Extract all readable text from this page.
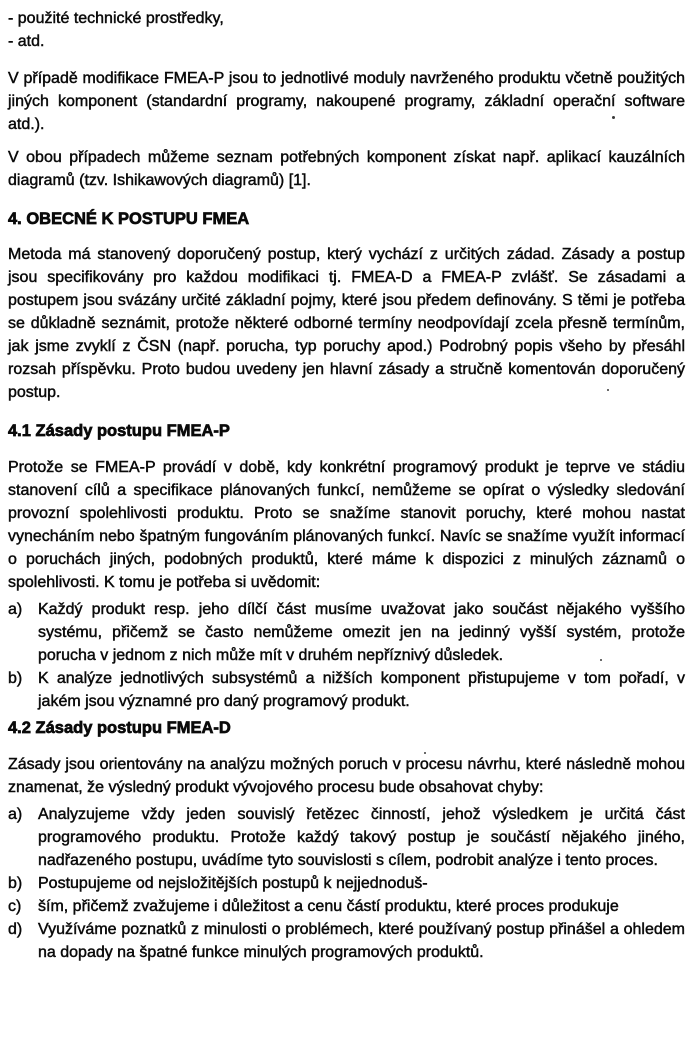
- použité technické prostředky,
- atd.

V případě modifikace FMEA-P jsou to jednotlivé moduly navrženého produktu včetně použitých jiných komponent (standardní programy, nakoupené programy, základní operační software atd.).

V obou případech můžeme seznam potřebných komponent získat např. aplikací kauzálních diagramů (tzv. Ishikawových diagramů) [1].

4. OBECNÉ K POSTUPU FMEA

Metoda má stanovený doporučený postup, který vychází z určitých zádad. Zásady a postup jsou specifikovány pro každou modifikaci tj. FMEA-D a FMEA-P zvlášť. Se zásadami a postupem jsou svázány určité základní pojmy, které jsou předem definovány. S těmi je potřeba se důkladně seznámit, protože některé odborné termíny neodpovídají zcela přesně termínům, jak jsme zvyklí z ČSN (např. porucha, typ poruchy apod.) Podrobný popis všeho by přesáhl rozsah příspěvku. Proto budou uvedeny jen hlavní zásady a stručně komentován doporučený postup.

4.1 Zásady postupu FMEA-P

Protože se FMEA-P provádí v době, kdy konkrétní programový produkt je teprve ve stádiu stanovení cílů a specifikace plánovaných funkcí, nemůžeme se opírat o výsledky sledování provozní spolehlivosti produktu. Proto se snažíme stanovit poruchy, které mohou nastat vynecháním nebo špatným fungováním plánovaných funkcí. Navíc se snažíme využít informací o poruchách jiných, podobných produktů, které máme k dispozici z minulých záznamů o spolehlivosti. K tomu je potřeba si uvědomit:

a) Každý produkt resp. jeho dílčí část musíme uvažovat jako součást nějakého vyššího systému, přičemž se často nemůžeme omezit jen na jedinný vyšší systém, protože porucha v jednom z nich může mít v druhém nepříznivý důsledek.
b) K analýze jednotlivých subsystémů a nižších komponent přistupujeme v tom pořadí, v jakém jsou významné pro daný programový produkt.
4.2 Zásady postupu FMEA-D

Zásady jsou orientovány na analýzu možných poruch v procesu návrhu, které následně mohou znamenat, že výsledný produkt vývojového procesu bude obsahovat chyby:

a) Analyzujeme vždy jeden souvislý řetězec činností, jehož výsledkem je určitá část programového produktu. Protože každý takový postup je součástí nějakého jiného, nadřazeného postupu, uvádíme tyto souvislosti s cílem, podrobit analýze i tento proces.
b) Postupujeme od nejsložitějších postupů k nejjednoduš-
c)	ším, přičemž zvažujeme i důležitost a cenu částí produktu, které proces produkuje
d) Využíváme poznatků z minulosti o problémech, které používaný postup přinášel a ohledem na dopady na špatné funkce minulých programových produktů.
